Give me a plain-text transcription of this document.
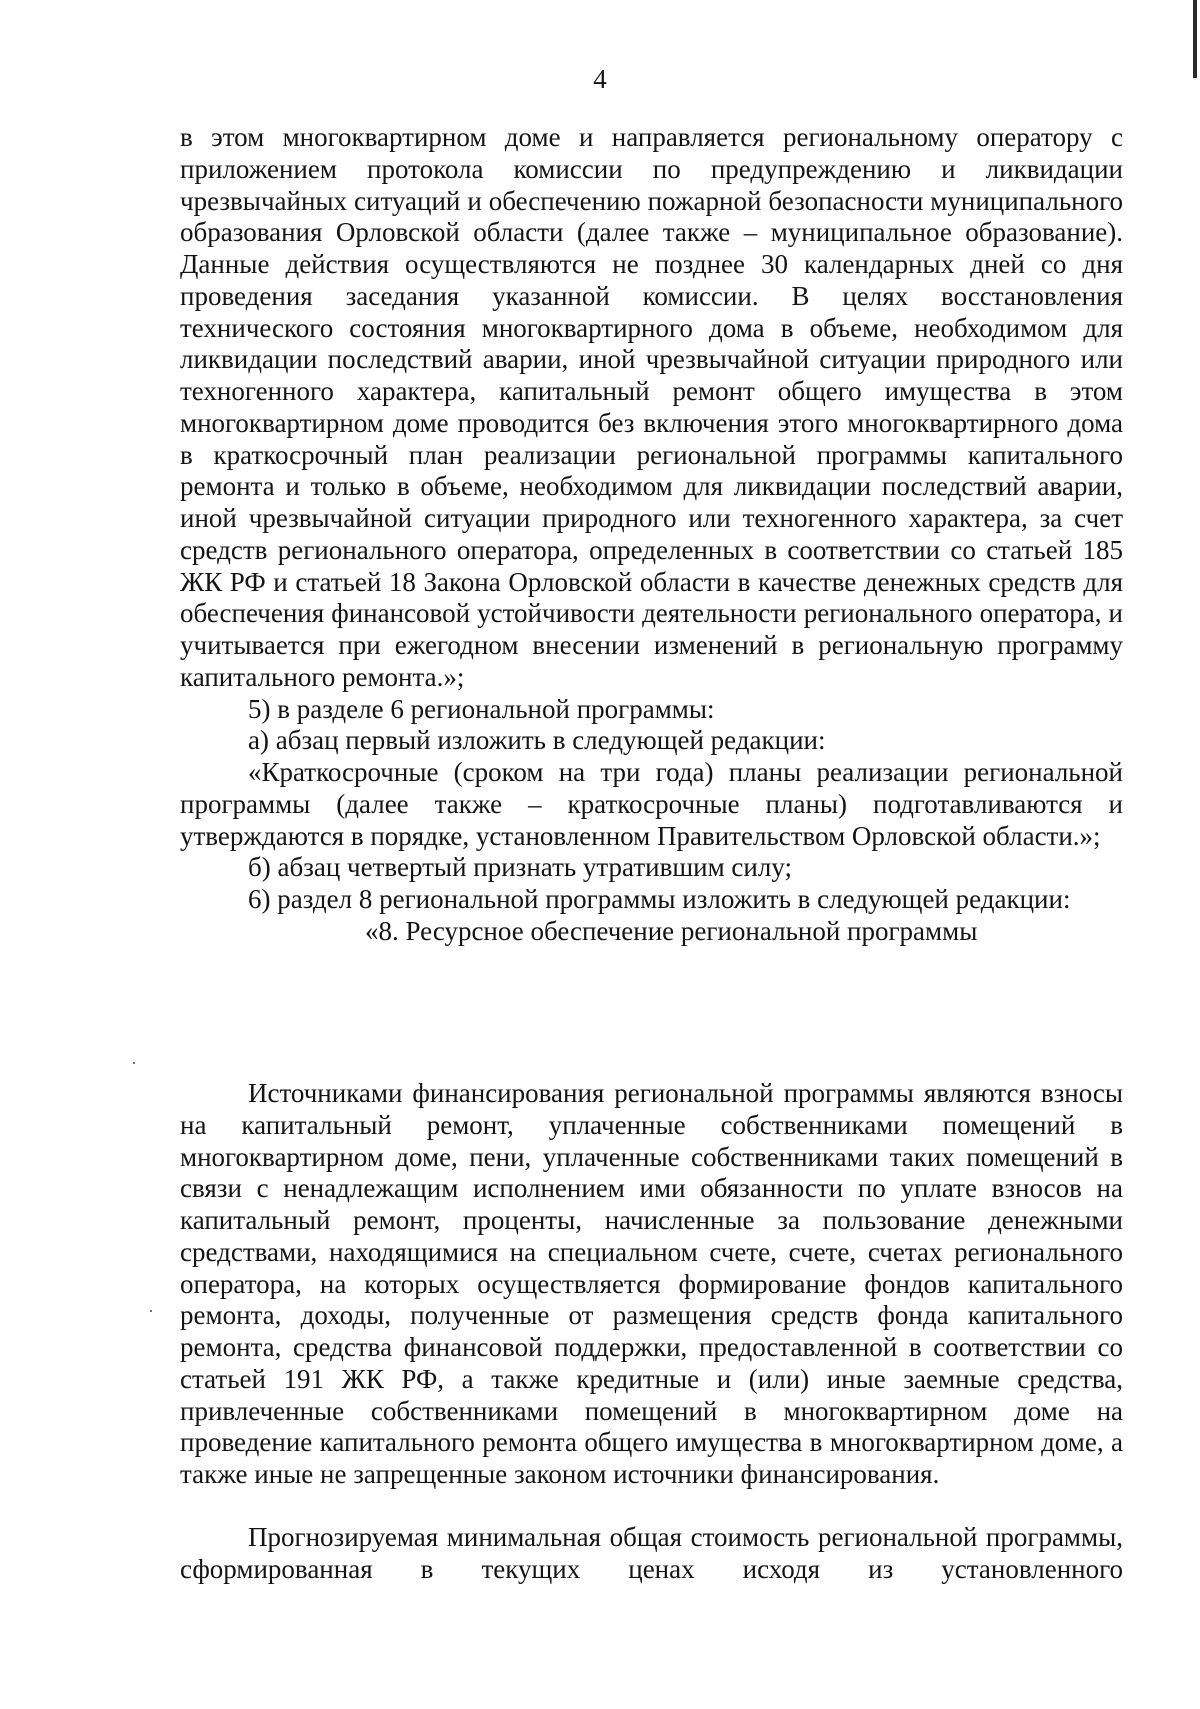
4

в этом многоквартирном доме и направляется региональному оператору с приложением протокола комиссии по предупреждению и ликвидации чрезвычайных ситуаций и обеспечению пожарной безопасности муниципального образования Орловской области (далее также – муниципальное образование). Данные действия осуществляются не позднее 30 календарных дней со дня проведения заседания указанной комиссии. В целях восстановления технического состояния многоквартирного дома в объеме, необходимом для ликвидации последствий аварии, иной чрезвычайной ситуации природного или техногенного характера, капитальный ремонт общего имущества в этом многоквартирном доме проводится без включения этого многоквартирного дома в краткосрочный план реализации региональной программы капитального ремонта и только в объеме, необходимом для ликвидации последствий аварии, иной чрезвычайной ситуации природного или техногенного характера, за счет средств регионального оператора, определенных в соответствии со статьей 185 ЖК РФ и статьей 18 Закона Орловской области в качестве денежных средств для обеспечения финансовой устойчивости деятельности регионального оператора, и учитывается при ежегодном внесении изменений в региональную программу капитального ремонта.»;

5) в разделе 6 региональной программы:

а) абзац первый изложить в следующей редакции:

«Краткосрочные (сроком на три года) планы реализации региональной программы (далее также – краткосрочные планы) подготавливаются и утверждаются в порядке, установленном Правительством Орловской области.»;

б) абзац четвертый признать утратившим силу;

6) раздел 8 региональной программы изложить в следующей редакции:

«8. Ресурсное обеспечение региональной программы

Источниками финансирования региональной программы являются взносы на капитальный ремонт, уплаченные собственниками помещений в многоквартирном доме, пени, уплаченные собственниками таких помещений в связи с ненадлежащим исполнением ими обязанности по уплате взносов на капитальный ремонт, проценты, начисленные за пользование денежными средствами, находящимися на специальном счете, счете, счетах регионального оператора, на которых осуществляется формирование фондов капитального ремонта, доходы, полученные от размещения средств фонда капитального ремонта, средства финансовой поддержки, предоставленной в соответствии со статьей 191 ЖК РФ, а также кредитные и (или) иные заемные средства, привлеченные собственниками помещений в многоквартирном доме на проведение капитального ремонта общего имущества в многоквартирном доме, а также иные не запрещенные законом источники финансирования.

Прогнозируемая минимальная общая стоимость региональной программы, сформированная в текущих ценах исходя из установленного
